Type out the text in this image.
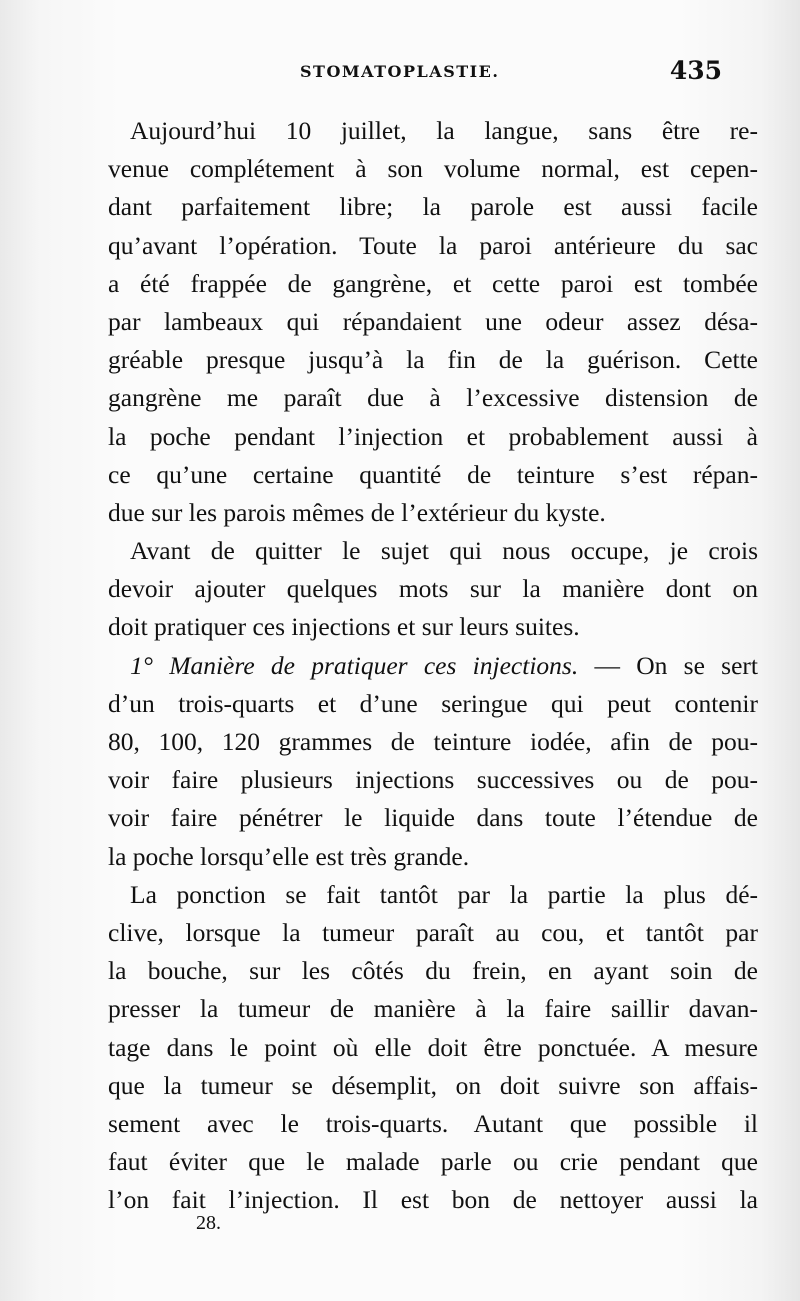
STOMATOPLASTIE.	435
Aujourd’hui 10 juillet, la langue, sans être re-
venue complétement à son volume normal, est cepen-
dant parfaitement libre; la parole est aussi facile
qu’avant l’opération. Toute la paroi antérieure du sac
a été frappée de gangrène, et cette paroi est tombée
par lambeaux qui répandaient une odeur assez désa-
gréable presque jusqu’à la fin de la guérison. Cette
gangrène me paraît due à l’excessive distension de
la poche pendant l’injection et probablement aussi à
ce qu’une certaine quantité de teinture s’est répan-
due sur les parois mêmes de l’extérieur du kyste.
Avant de quitter le sujet qui nous occupe, je crois
devoir ajouter quelques mots sur la manière dont on
doit pratiquer ces injections et sur leurs suites.
1° Manière de pratiquer ces injections. — On se sert
d’un trois-quarts et d’une seringue qui peut contenir
80, 100, 120 grammes de teinture iodée, afin de pou-
voir faire plusieurs injections successives ou de pou-
voir faire pénétrer le liquide dans toute l’étendue de
la poche lorsqu’elle est très grande.
La ponction se fait tantôt par la partie la plus dé-
clive, lorsque la tumeur paraît au cou, et tantôt par
la bouche, sur les côtés du frein, en ayant soin de
presser la tumeur de manière à la faire saillir davan-
tage dans le point où elle doit être ponctuée. A mesure
que la tumeur se désemplit, on doit suivre son affais-
sement avec le trois-quarts. Autant que possible il
faut éviter que le malade parle ou crie pendant que
l’on fait l’injection. Il est bon de nettoyer aussi la
28.
